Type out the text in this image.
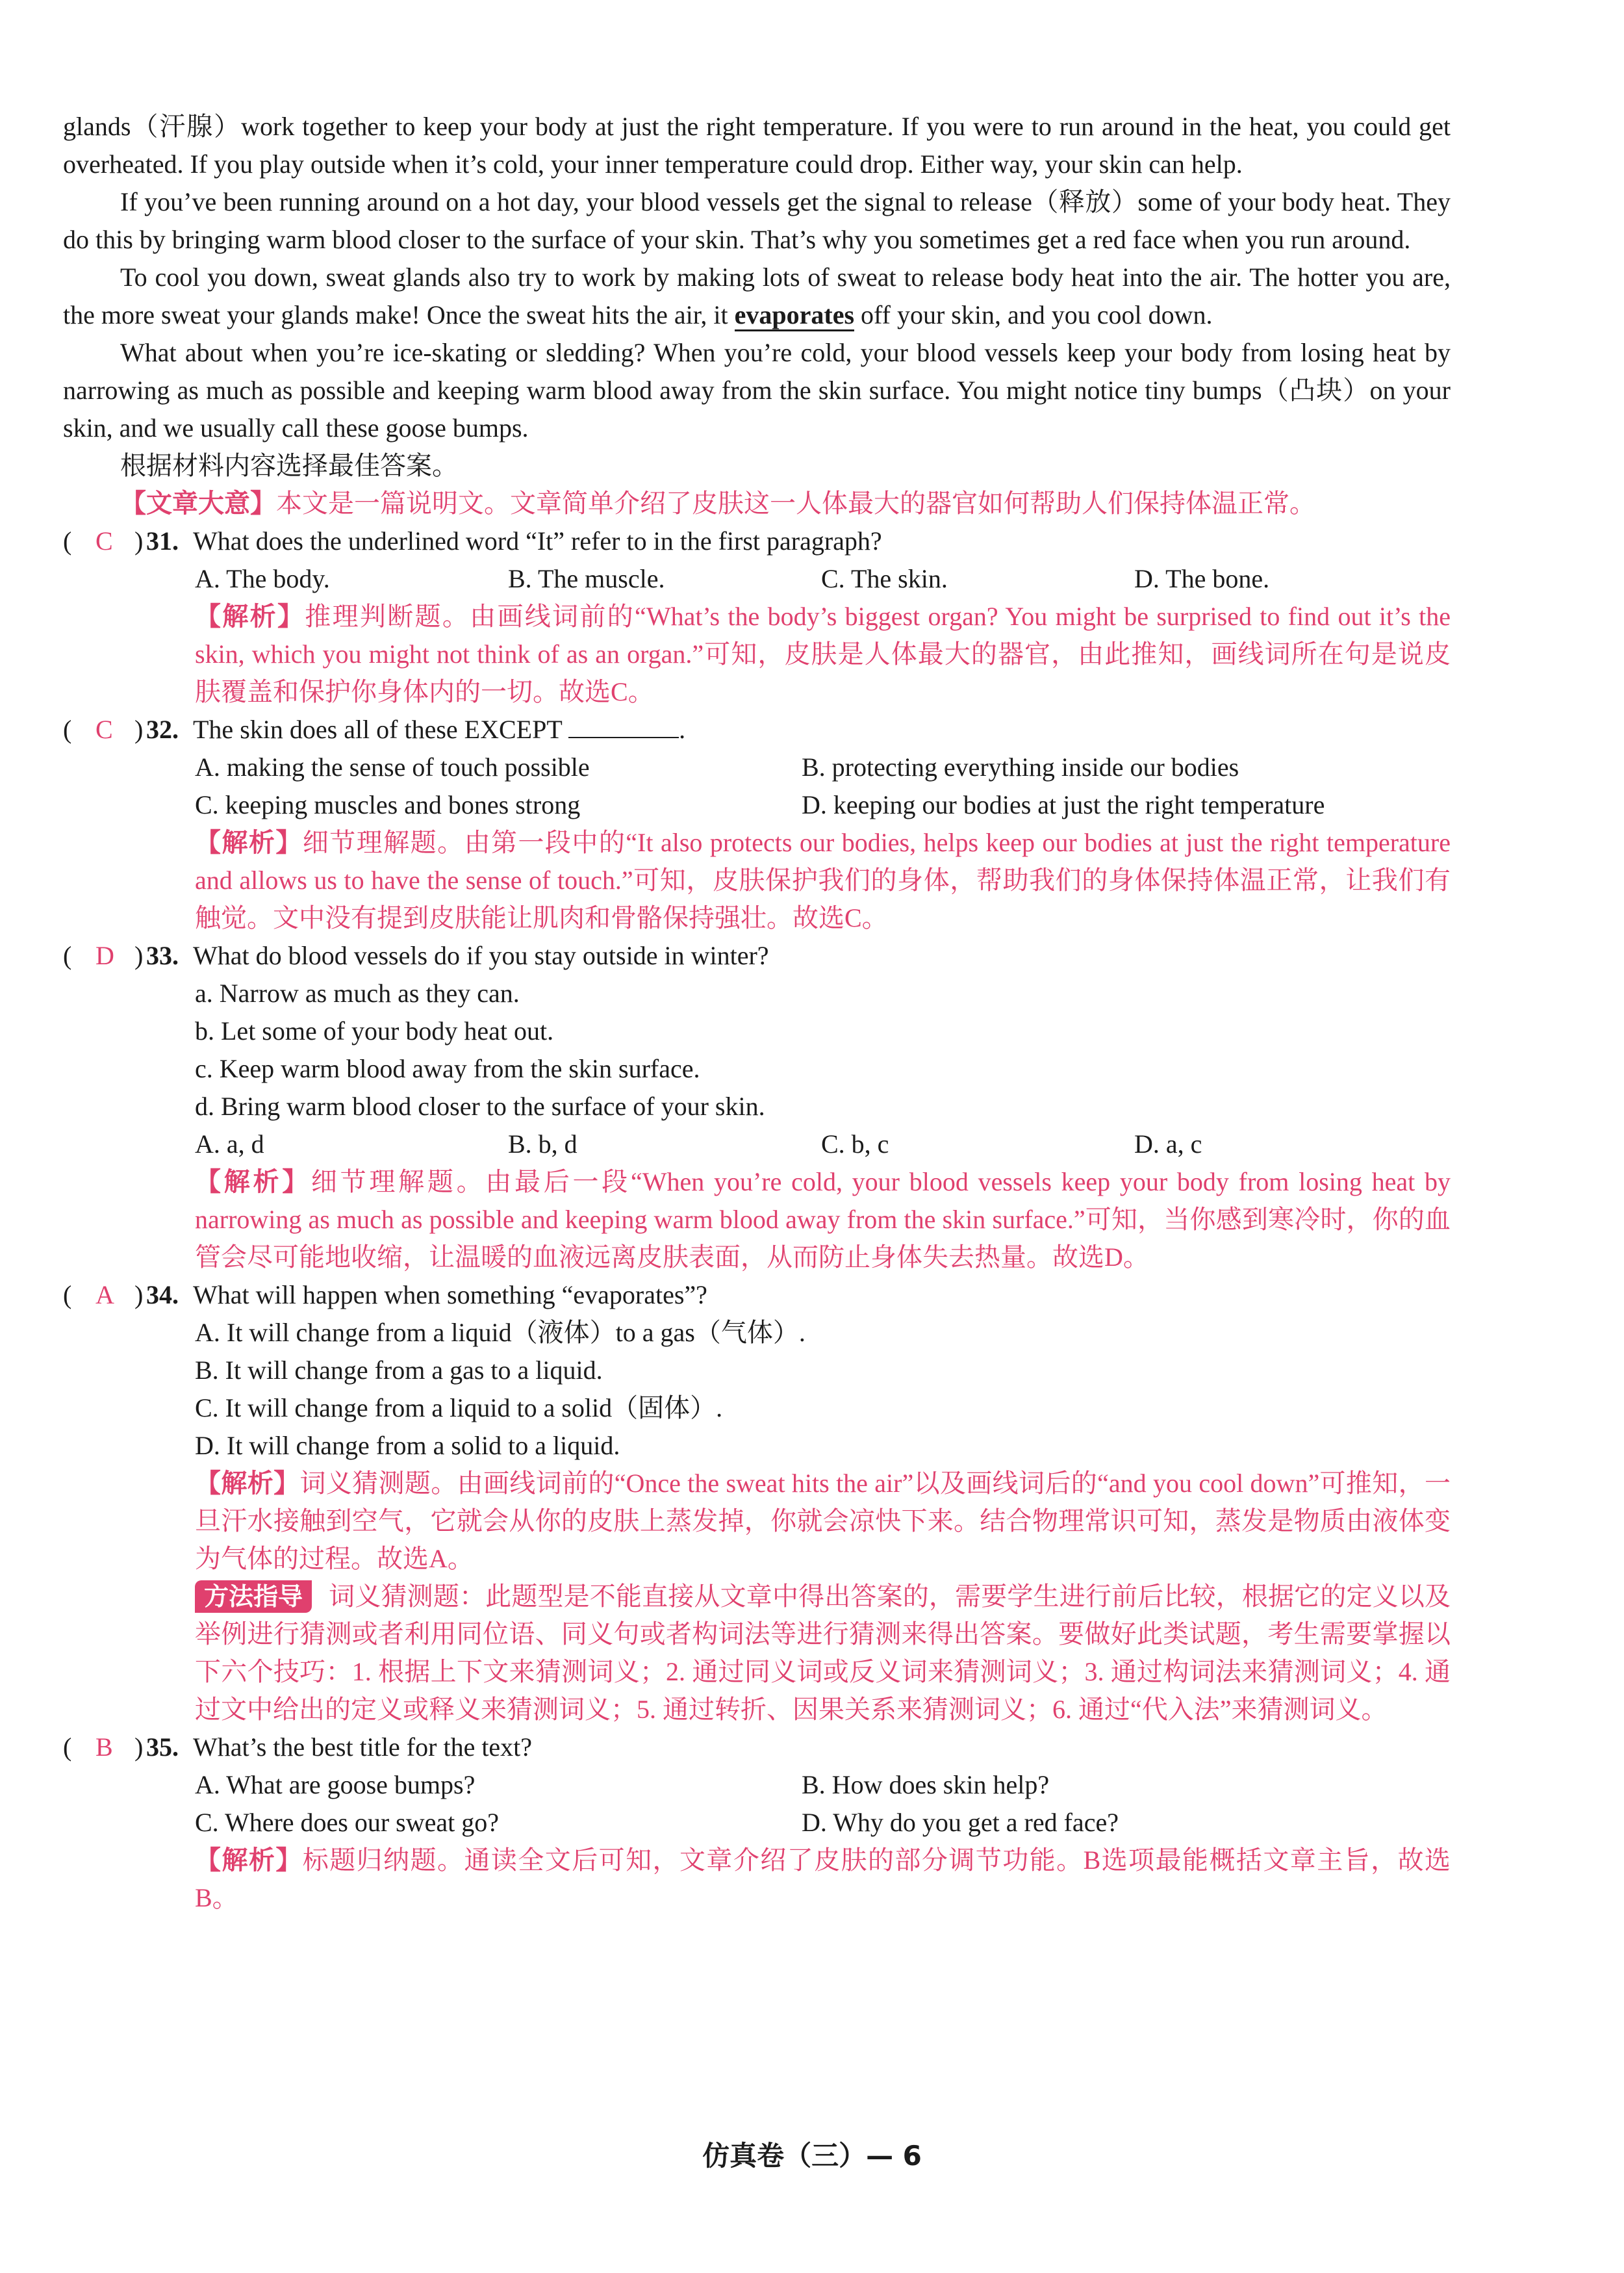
glands（汗腺）work together to keep your body at just the right temperature. If you were to run around in the heat, you could get overheated. If you play outside when it’s cold, your inner temperature could drop. Either way, your skin can help.

If you’ve been running around on a hot day, your blood vessels get the signal to release（释放）some of your body heat. They do this by bringing warm blood closer to the surface of your skin. That’s why you sometimes get a red face when you run around.

To cool you down, sweat glands also try to work by making lots of sweat to release body heat into the air. The hotter you are, the more sweat your glands make! Once the sweat hits the air, it evaporates off your skin, and you cool down.

What about when you’re ice-skating or sledding? When you’re cold, your blood vessels keep your body from losing heat by narrowing as much as possible and keeping warm blood away from the skin surface. You might notice tiny bumps（凸块）on your skin, and we usually call these goose bumps.

根据材料内容选择最佳答案。
【文章大意】本文是一篇说明文。文章简单介绍了皮肤这一人体最大的器官如何帮助人们保持体温正常。
( C ) 31. What does the underlined word “It” refer to in the first paragraph?
A. The body.	B. The muscle.	C. The skin.	D. The bone.
【解析】推理判断题。由画线词前的“What’s the body’s biggest organ? You might be surprised to find out it’s the skin, which you might not think of as an organ.”可知，皮肤是人体最大的器官，由此推知，画线词所在句是说皮肤覆盖和保护你身体内的一切。故选C。
( C ) 32. The skin does all of these EXCEPT	.
A. making the sense of touch possible	B. protecting everything inside our bodies
C. keeping muscles and bones strong	D. keeping our bodies at just the right temperature
【解析】细节理解题。由第一段中的“It also protects our bodies, helps keep our bodies at just the right temperature and allows us to have the sense of touch.”可知，皮肤保护我们的身体，帮助我们的身体保持体温正常，让我们有触觉。文中没有提到皮肤能让肌肉和骨骼保持强壮。故选C。
( D ) 33. What do blood vessels do if you stay outside in winter?
a. Narrow as much as they can.
b. Let some of your body heat out.
c. Keep warm blood away from the skin surface.
d. Bring warm blood closer to the surface of your skin.
A. a, d	B. b, d	C. b, c	D. a, c
【解析】细节理解题。由最后一段“When you’re cold, your blood vessels keep your body from losing heat by narrowing as much as possible and keeping warm blood away from the skin surface.”可知，当你感到寒冷时，你的血管会尽可能地收缩，让温暖的血液远离皮肤表面，从而防止身体失去热量。故选D。
( A ) 34. What will happen when something “evaporates”?
A. It will change from a liquid（液体）to a gas（气体）.
B. It will change from a gas to a liquid.
C. It will change from a liquid to a solid（固体）.
D. It will change from a solid to a liquid.
【解析】词义猜测题。由画线词前的“Once the sweat hits the air”以及画线词后的“and you cool down”可推知，一旦汗水接触到空气，它就会从你的皮肤上蒸发掉，你就会凉快下来。结合物理常识可知，蒸发是物质由液体变为气体的过程。故选A。
方法指导 词义猜测题：此题型是不能直接从文章中得出答案的，需要学生进行前后比较，根据它的定义以及举例进行猜测或者利用同位语、同义句或者构词法等进行猜测来得出答案。要做好此类试题，考生需要掌握以下六个技巧：1. 根据上下文来猜测词义；2. 通过同义词或反义词来猜测词义；3. 通过构词法来猜测词义；4. 通过文中给出的定义或释义来猜测词义；5. 通过转折、因果关系来猜测词义；6. 通过“代入法”来猜测词义。
( B ) 35. What’s the best title for the text?
A. What are goose bumps?	B. How does skin help?
C. Where does our sweat go?	D. Why do you get a red face?
【解析】标题归纳题。通读全文后可知，文章介绍了皮肤的部分调节功能。B选项最能概括文章主旨，故选B。
仿真卷（三）— 6
